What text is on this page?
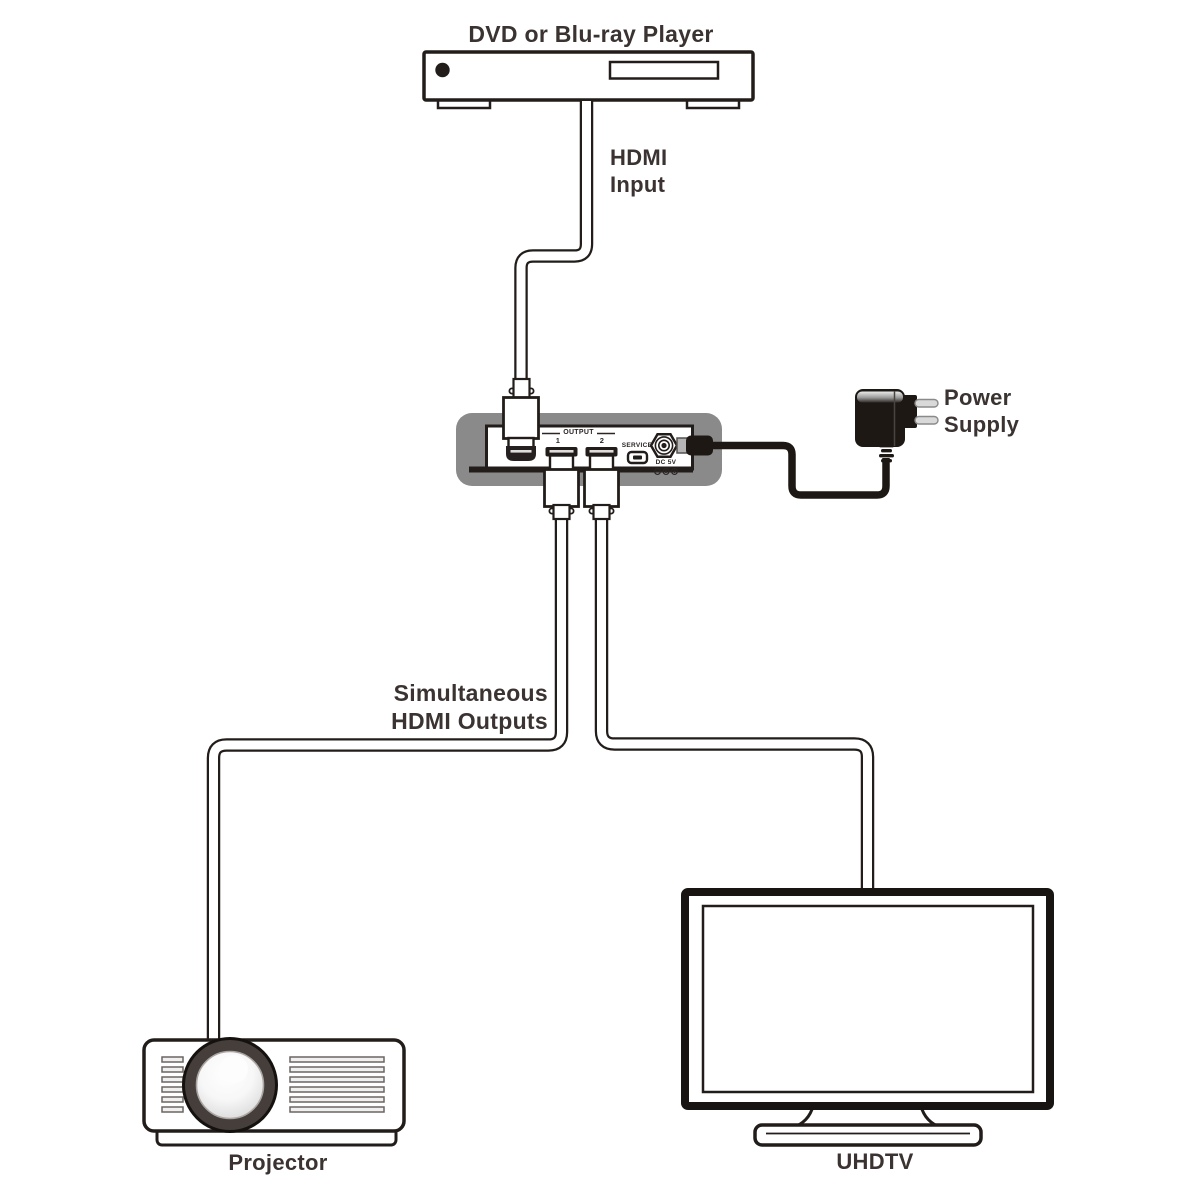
DVD or Blu-ray Player
HDMI
Input
Power
Supply
Simultaneous
HDMI Outputs
Projector	UHDTV
OUTPUT
1	2	SERVICE
DC 5V
